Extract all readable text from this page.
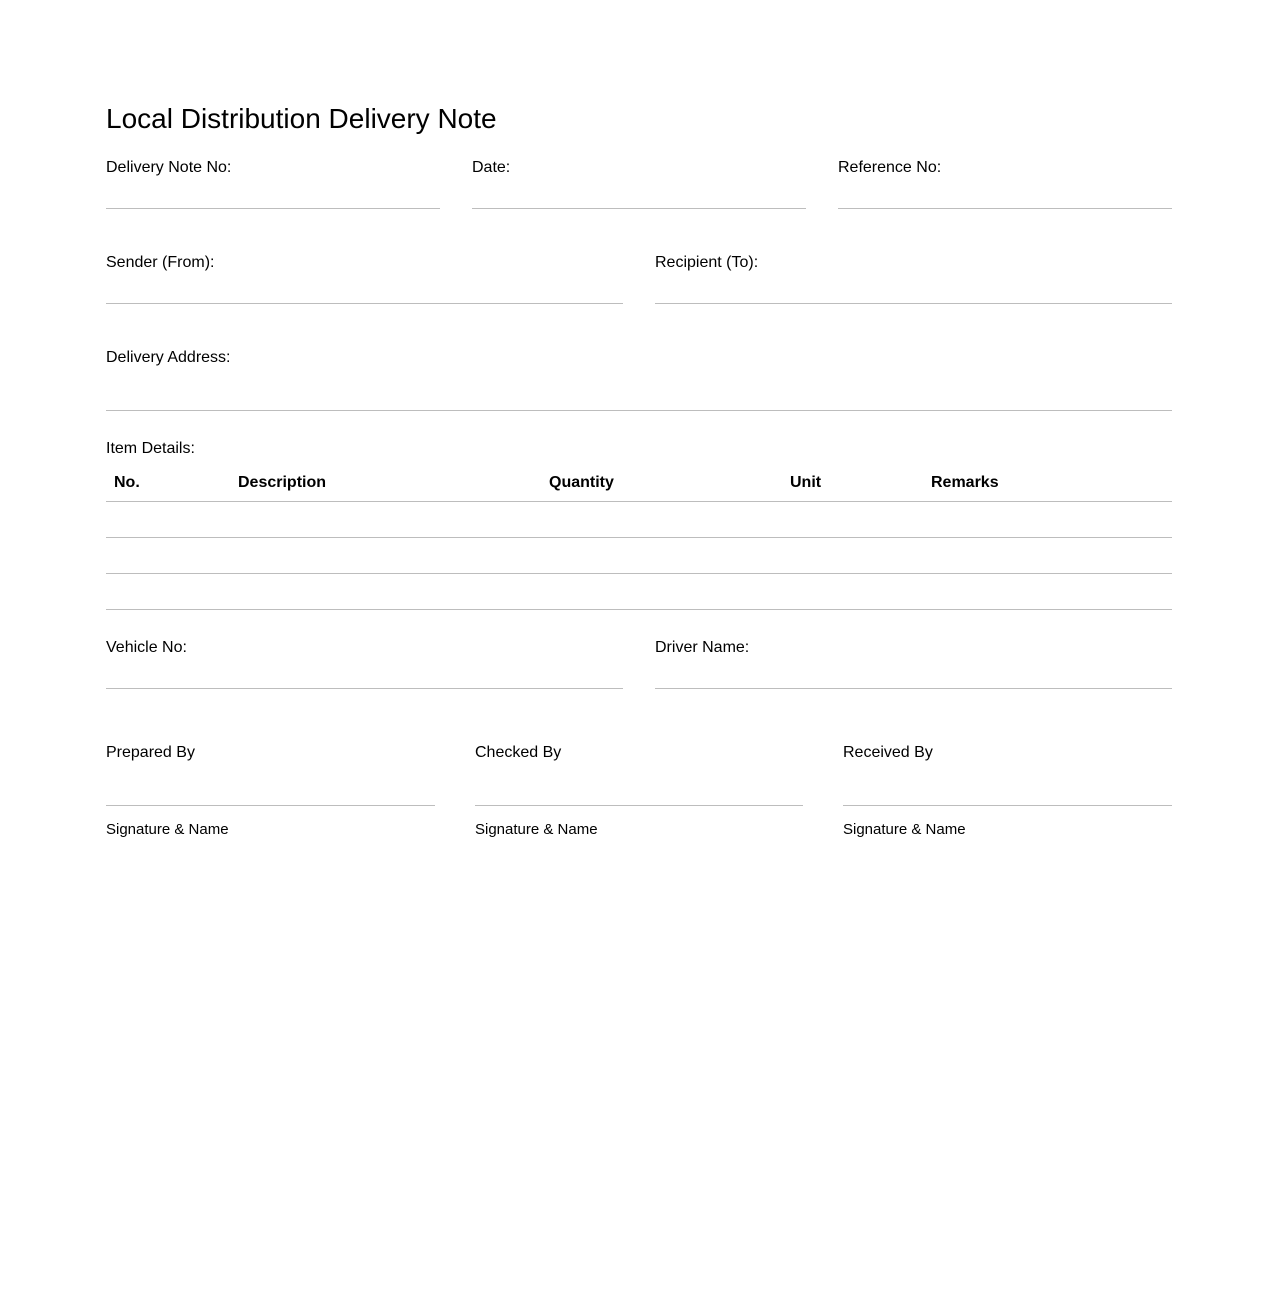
Local Distribution Delivery Note
Delivery Note No:	Date:	Reference No:
Sender (From):	Recipient (To):
Delivery Address:
Item Details:
No.	Description	Quantity	Unit	Remarks
Vehicle No:	Driver Name:
Prepared By
Signature & Name
Checked By
Signature & Name
Received By
Signature & Name
